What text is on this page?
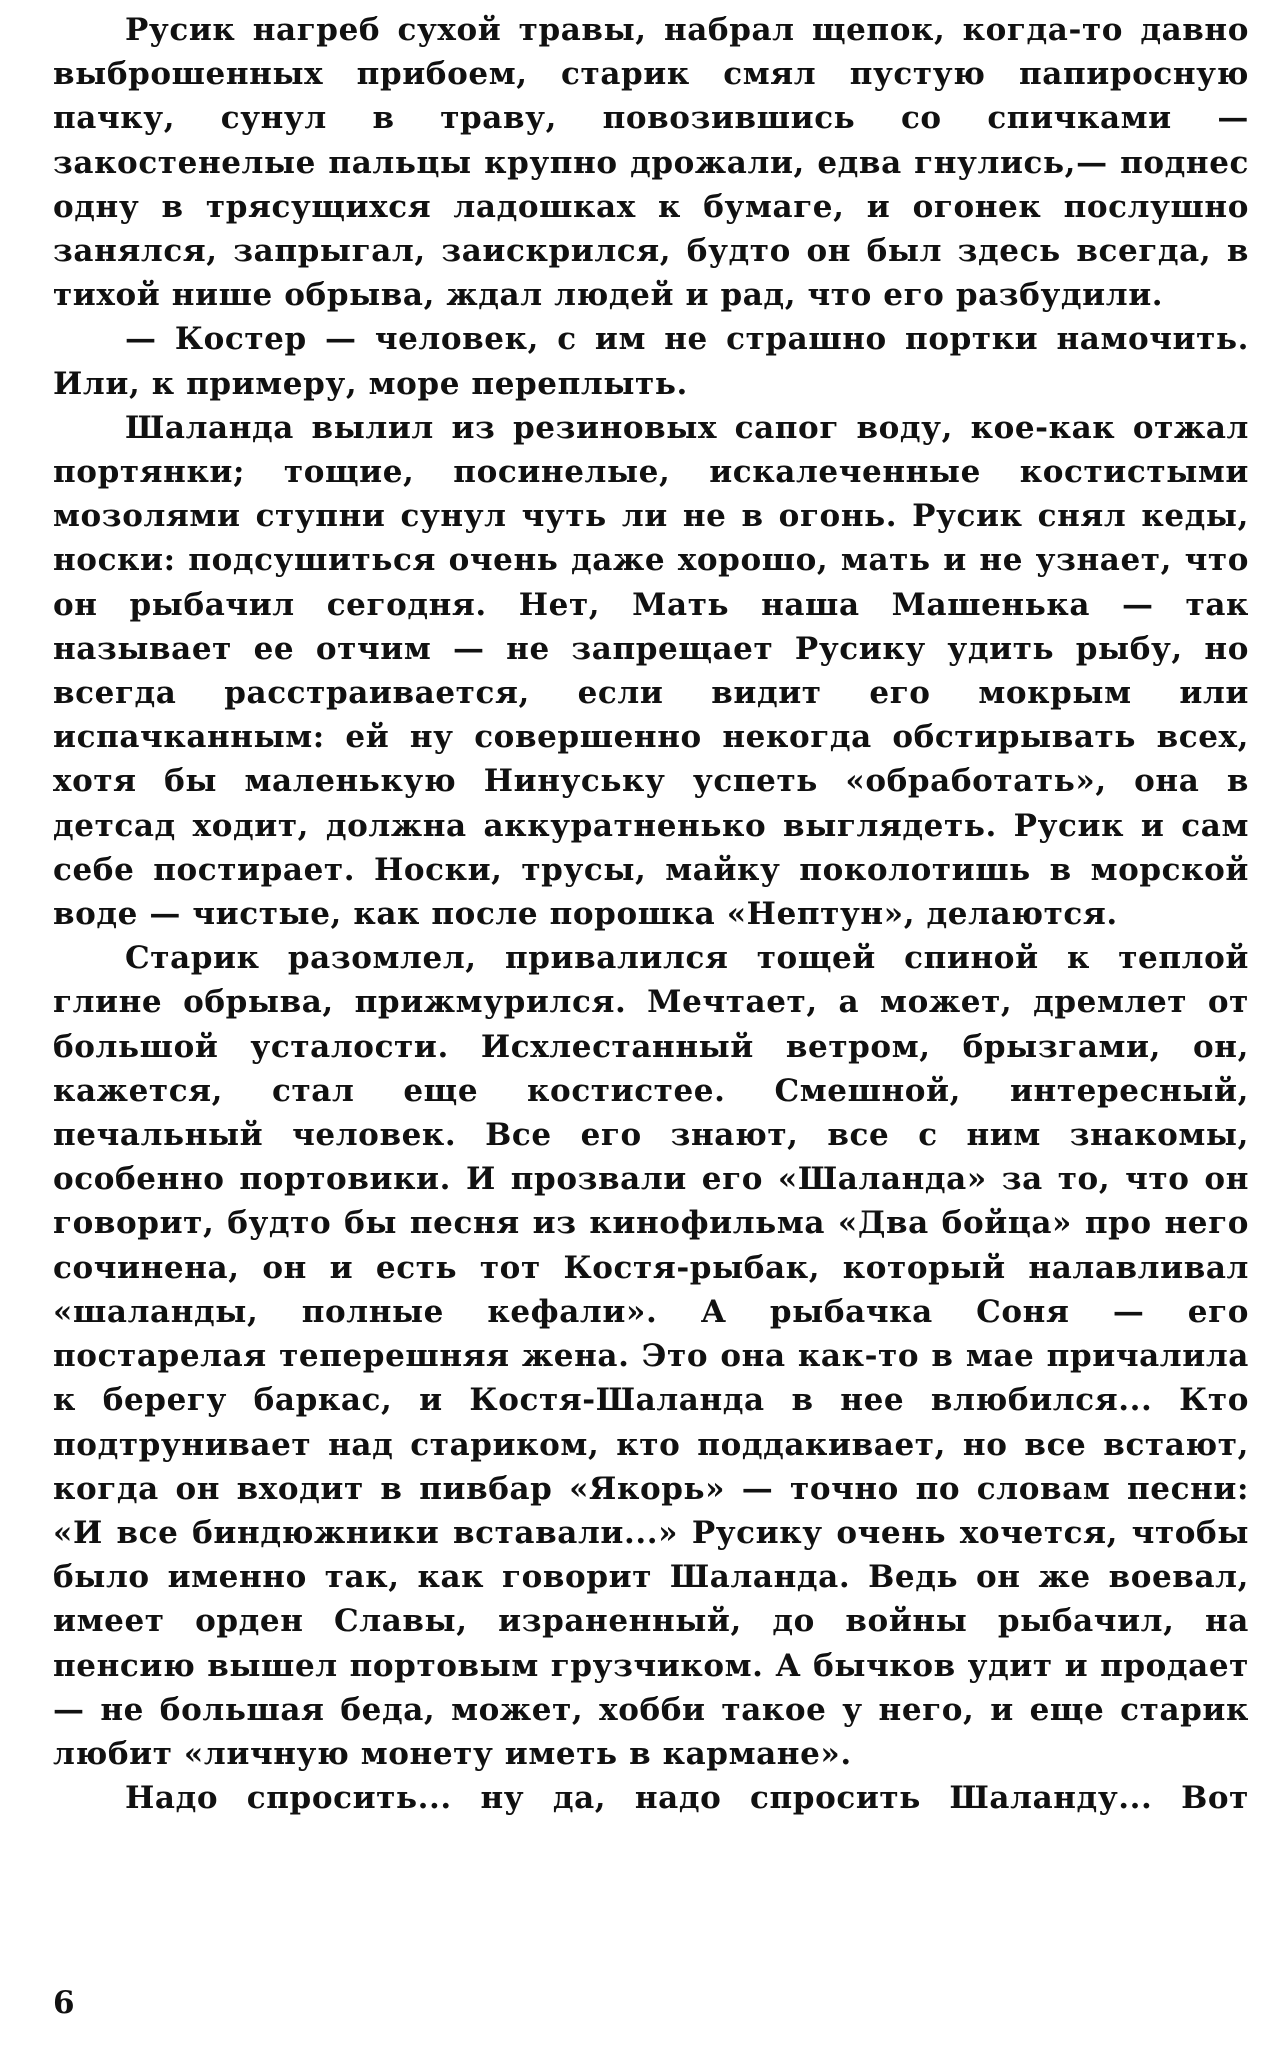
Русик нагреб сухой травы, набрал щепок, когда-то давно выброшенных прибоем, старик смял пустую папиросную пачку, сунул в траву, повозившись со спичками — закостенелые пальцы крупно дрожали, едва гнулись,— поднес одну в трясущихся ладошках к бумаге, и огонек послушно занялся, запрыгал, заискрился, будто он был здесь всегда, в тихой нише обрыва, ждал людей и рад, что его разбудили.

— Костер — человек, с им не страшно портки намочить. Или, к примеру, море переплыть.

Шаланда вылил из резиновых сапог воду, кое-как отжал портянки; тощие, посинелые, искалеченные костистыми мозолями ступни сунул чуть ли не в огонь. Русик снял кеды, носки: подсушиться очень даже хорошо, мать и не узнает, что он рыбачил сегодня. Нет, Мать наша Машенька — так называет ее отчим — не запрещает Русику удить рыбу, но всегда расстраивается, если видит его мокрым или испачканным: ей ну совершенно некогда обстирывать всех, хотя бы маленькую Нинуську успеть «обработать», она в детсад ходит, должна аккуратненько выглядеть. Русик и сам себе постирает. Носки, трусы, майку поколотишь в морской воде — чистые, как после порошка «Нептун», делаются.

Старик разомлел, привалился тощей спиной к теплой глине обрыва, прижмурился. Мечтает, а может, дремлет от большой усталости. Исхлестанный ветром, брызгами, он, кажется, стал еще костистее. Смешной, интересный, печальный человек. Все его знают, все с ним знакомы, особенно портовики. И прозвали его «Шаланда» за то, что он говорит, будто бы песня из кинофильма «Два бойца» про него сочинена, он и есть тот Костя-рыбак, который налавливал «шаланды, полные кефали». А рыбачка Соня — его постарелая теперешняя жена. Это она как-то в мае причалила к берегу баркас, и Костя-Шаланда в нее влюбился... Кто подтрунивает над стариком, кто поддакивает, но все встают, когда он входит в пивбар «Якорь» — точно по словам песни: «И все биндюжники вставали...» Русику очень хочется, чтобы было именно так, как говорит Шаланда. Ведь он же воевал, имеет орден Славы, израненный, до войны рыбачил, на пенсию вышел портовым грузчиком. А бычков удит и продает — не большая беда, может, хобби такое у него, и еще старик любит «личную монету иметь в кармане».

Надо спросить... ну да, надо спросить Шаланду... Вот

6
